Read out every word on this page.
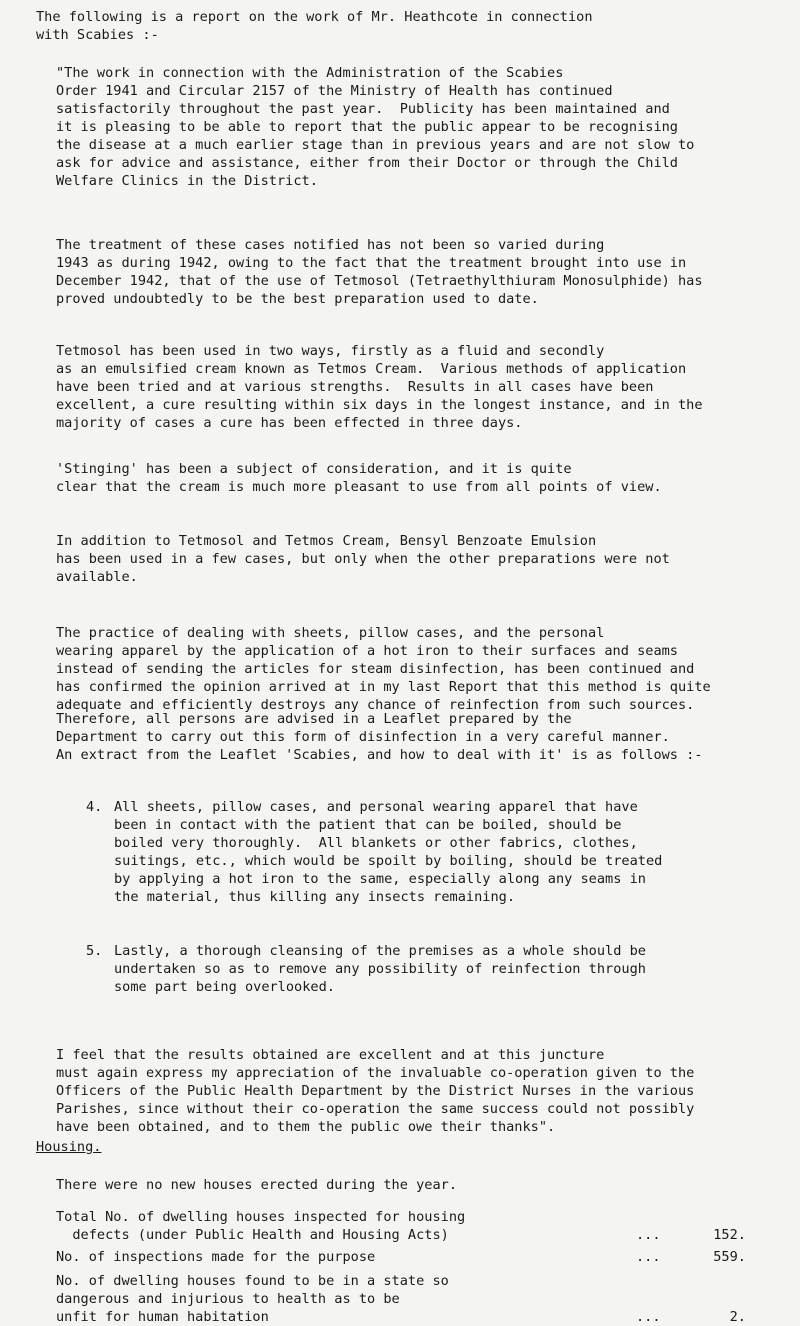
The following is a report on the work of Mr. Heathcote in connection
with Scabies :-
"The work in connection with the Administration of the Scabies
Order 1941 and Circular 2157 of the Ministry of Health has continued
satisfactorily throughout the past year.  Publicity has been maintained and
it is pleasing to be able to report that the public appear to be recognising
the disease at a much earlier stage than in previous years and are not slow to
ask for advice and assistance, either from their Doctor or through the Child
Welfare Clinics in the District.
The treatment of these cases notified has not been so varied during
1943 as during 1942, owing to the fact that the treatment brought into use in
December 1942, that of the use of Tetmosol (Tetraethylthiuram Monosulphide) has
proved undoubtedly to be the best preparation used to date.
Tetmosol has been used in two ways, firstly as a fluid and secondly
as an emulsified cream known as Tetmos Cream.  Various methods of application
have been tried and at various strengths.  Results in all cases have been
excellent, a cure resulting within six days in the longest instance, and in the
majority of cases a cure has been effected in three days.
'Stinging' has been a subject of consideration, and it is quite
clear that the cream is much more pleasant to use from all points of view.
In addition to Tetmosol and Tetmos Cream, Bensyl Benzoate Emulsion
has been used in a few cases, but only when the other preparations were not
available.
The practice of dealing with sheets, pillow cases, and the personal
wearing apparel by the application of a hot iron to their surfaces and seams
instead of sending the articles for steam disinfection, has been continued and
has confirmed the opinion arrived at in my last Report that this method is quite
adequate and efficiently destroys any chance of reinfection from such sources.
Therefore, all persons are advised in a Leaflet prepared by the
Department to carry out this form of disinfection in a very careful manner.
An extract from the Leaflet 'Scabies, and how to deal with it' is as follows :-

4.

All sheets, pillow cases, and personal wearing apparel that have
been in contact with the patient that can be boiled, should be
boiled very thoroughly.  All blankets or other fabrics, clothes,
suitings, etc., which would be spoilt by boiling, should be treated
by applying a hot iron to the same, especially along any seams in
the material, thus killing any insects remaining.

5.

Lastly, a thorough cleansing of the premises as a whole should be
undertaken so as to remove any possibility of reinfection through
some part being overlooked.

I feel that the results obtained are excellent and at this juncture
must again express my appreciation of the invaluable co-operation given to the
Officers of the Public Health Department by the District Nurses in the various
Parishes, since without their co-operation the same success could not possibly
have been obtained, and to them the public owe their thanks".
Housing.
There were no new houses erected during the year.
Total No. of dwelling houses inspected for housing
defects (under Public Health and Housing Acts)	...	152.
No. of inspections made for the purpose	...	559.
No. of dwelling houses found to be in a state so
dangerous and injurious to health as to be
unfit for human habitation	...	2.
